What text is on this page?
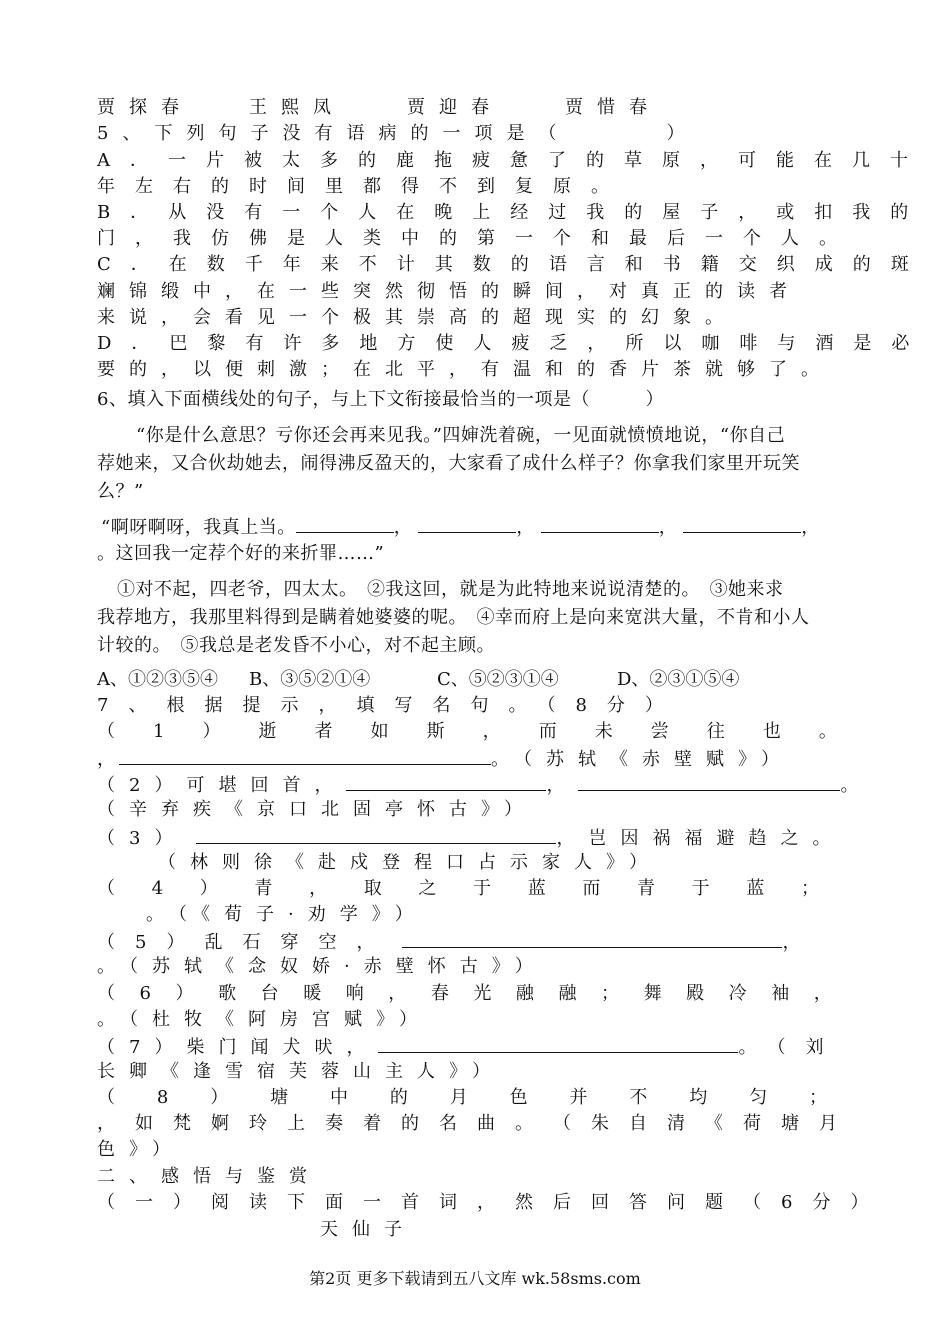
贾探春	王熙凤	贾迎春	贾惜春
5、下列句子没有语病的一项是（	）
A．一片被太多的鹿拖疲惫了的草原，可能在几十
年左右的时间里都得不到复原。
B．从没有一个人在晚上经过我的屋子，或扣我的
门，我仿佛是人类中的第一个和最后一个人。
C．在数千年来不计其数的语言和书籍交织成的斑
斓锦缎中，在一些突然彻悟的瞬间，对真正的读者
来说，会看见一个极其崇高的超现实的幻象。
D．巴黎有许多地方使人疲乏，所以咖啡与酒是必
要的，以便刺激；在北平，有温和的香片茶就够了。
6、填入下面横线处的句子，与上下文衔接最恰当的一项是（　　　）
“你是什么意思？亏你还会再来见我。”四婶洗着碗，一见面就愤愤地说，“你自己
荐她来，又合伙劫她去，闹得沸反盈天的，大家看了成什么样子？你拿我们家里开玩笑
么？”
“啊呀啊呀，我真上当。	，	，	，	，
。这回我一定荐个好的来折罪……”
①对不起，四老爷，四太太。　②我这回，就是为此特地来说说清楚的。　③她来求
我荐地方，我那里料得到是瞒着她婆婆的呢。　④幸而府上是向来宽洪大量，不肯和小人
计较的。　⑤我总是老发昏不小心，对不起主顾。
A、①②③⑤④ B、③⑤②①④	C、⑤②③①④	D、②③①⑤④
7、根据提示，填写名句。（8分）
（ 1 ） 逝 者 如 斯 ， 而 未 尝 往 也 。
，	。（苏轼《赤壁赋》）
（2）可堪回首，	，	。
（辛弃疾《京口北固亭怀古》）
（3）	，岂因祸福避趋之。
（林则徐《赴戍登程口占示家人》）
（ 4 ） 青 ， 取 之 于 蓝 而 青 于 蓝 ；
。（《荀子·劝学》）
（5）乱石穿空，	，
。（苏轼《念奴娇·赤壁怀古》）
（ 6 ） 歌 台 暖 响 ， 春 光 融 融 ； 舞 殿 冷 袖 ，
。（杜牧《阿房宫赋》）
（7）柴门闻犬吠，	。（刘
长卿《逢雪宿芙蓉山主人》）
（ 8 ） 塘 中 的 月 色 并 不 均 匀 ；
， 如 梵 婀 玲 上 奏 着 的 名 曲 。 （ 朱 自 清 《 荷 塘 月
色》）
二、感悟与鉴赏
（一）阅读下面一首词，然后回答问题（6分）
天仙子
第2页 更多下载请到五八文库 wk.58sms.com
